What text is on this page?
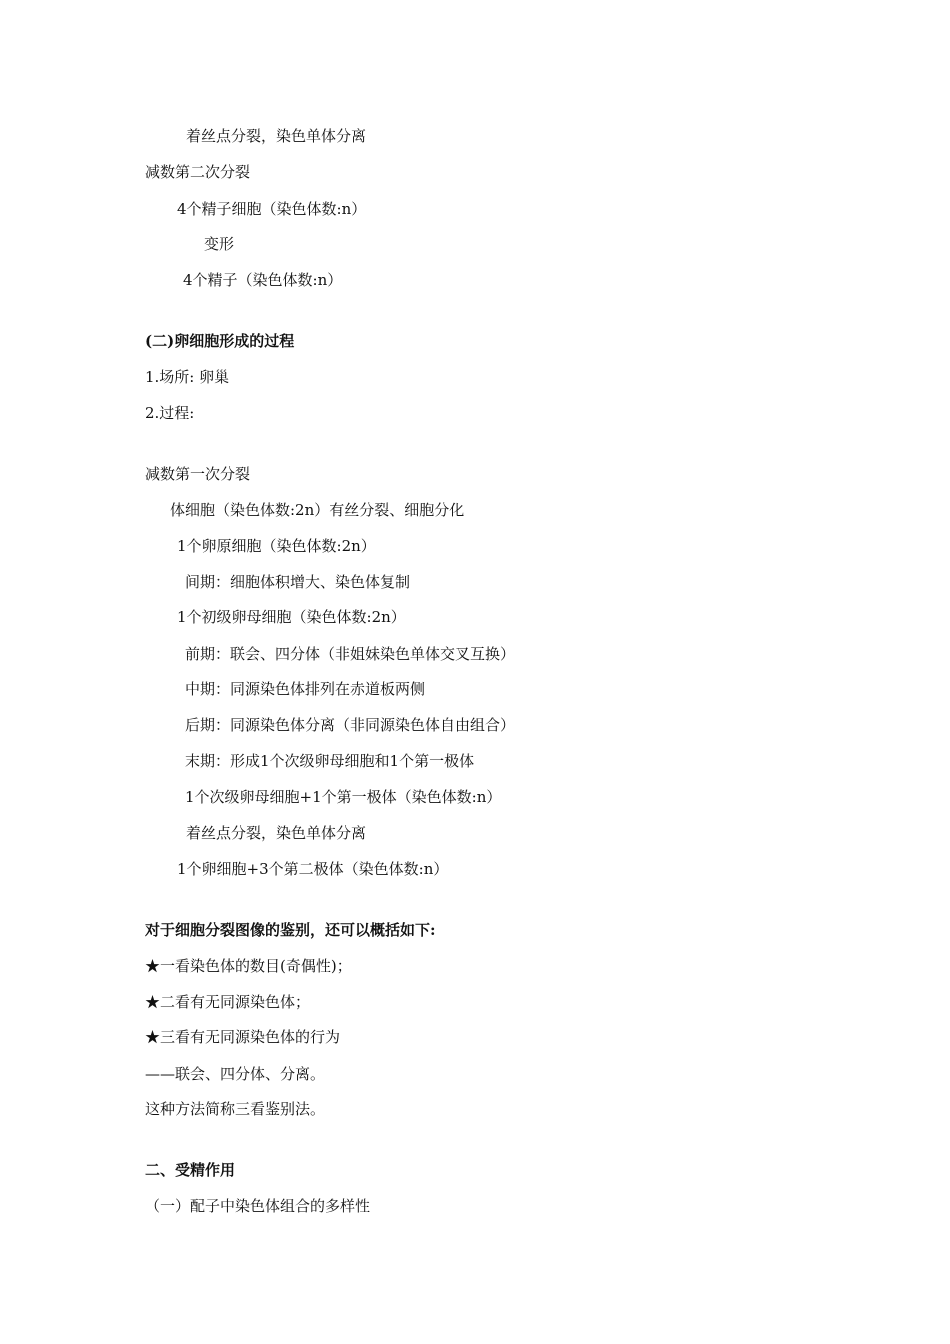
着丝点分裂，染色单体分离
减数第二次分裂
4个精子细胞（染色体数:n）
变形
4个精子（染色体数:n）
(二)卵细胞形成的过程
1.场所: 卵巢
2.过程:
减数第一次分裂
体细胞（染色体数:2n）有丝分裂、细胞分化
1个卵原细胞（染色体数:2n）
间期：细胞体积增大、染色体复制
1个初级卵母细胞（染色体数:2n）
前期：联会、四分体（非姐妹染色单体交叉互换）
中期：同源染色体排列在赤道板两侧
后期：同源染色体分离（非同源染色体自由组合）
末期：形成1个次级卵母细胞和1个第一极体
1个次级卵母细胞+1个第一极体（染色体数:n）
着丝点分裂，染色单体分离
1个卵细胞+3个第二极体（染色体数:n）
对于细胞分裂图像的鉴别，还可以概括如下:
★一看染色体的数目(奇偶性)；
★二看有无同源染色体；
★三看有无同源染色体的行为
——联会、四分体、分离。
这种方法简称三看鉴别法。
二、受精作用
（一）配子中染色体组合的多样性
